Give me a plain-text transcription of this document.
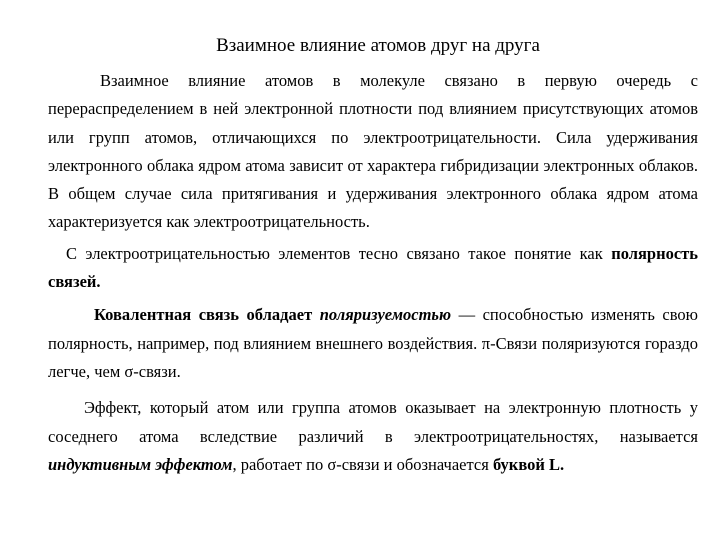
Взаимное влияние атомов друг на друга

Взаимное влияние атомов в молекуле связано в первую очередь с перераспределением в ней электронной плотности под влиянием присутствующих атомов или групп атомов, отличающихся по электроотрицательности. Сила удерживания электронного облака ядром атома зависит от характера гибридизации электронных облаков. В общем случае сила притягивания и удерживания электронного облака ядром атома характеризуется как электроотрицательность.

С электроотрицательностью элементов тесно связано такое понятие как полярность связей.

Ковалентная связь обладает поляризуемостью — способностью изменять свою полярность, например, под влиянием внешнего воздействия. π-Связи поляризуются гораздо легче, чем σ-связи.

Эффект, который атом или группа атомов оказывает на электронную плотность у соседнего атома вследствие различий в электроотрицательностях, называется индуктивным эффектом, работает по σ-связи и обозначается буквой L.
